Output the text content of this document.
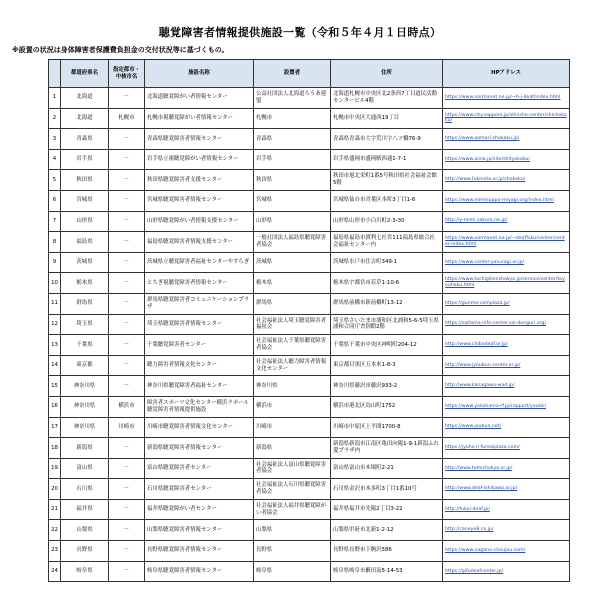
聴覚障害者情報提供施設一覧（令和５年４月１日時点）
※設置の状況は身体障害者保護費負担金の交付状況等に基づくもの。
	都道府県名	指定都市・中核市名	施設名称	設置者	住所	HPアドレス
1	北海道	－	北海道聴覚障がい者情報センター	公益社団法人北海道ろうあ連盟	北海道札幌市中央区北2条西7丁目道民活動センタービル4階	https://www.normanet.ne.jp/~h-j-deaf/index.html
2	北海道	札幌市	札幌市視聴覚障がい者情報センター	札幌市	札幌市中央区大通西19丁目	https://www.city.sapporo.jp/shinsho-center/shichokaku/
3	青森県	－	青森県聴覚障害者情報センター	青森県	青森県青森市大字荒川字八ツ橋76-9	https://www.aomori-chokaku.jp/
4	岩手県	－	岩手県立視聴覚障がい者情報センター	岩手県	岩手県盛岡市盛岡駅西通1-7-1	https://www.aiina.jp/site/shityokaku/
5	秋田県	－	秋田県聴覚障害者支援センター	秋田県	秋田市旭北栄町1番5号秋田県社会福祉会館5階	http://www.fukinoto.or.jp/chokaku/
6	宮城県	－	宮城県聴覚障害者情報センター	宮城県	宮城県仙台市青葉区本町3丁目1-6	https://www.mimisuppo-miyagi.org/index.html
7	山形県	－	山形県聴覚障がい者情報支援センター	山形県	山形県山形市小白川町2-3-30	http://y-mimi.sakura.ne.jp/
8	福島県	－	福島県聴覚障害者情報支援センター	一般社団法人福島県聴覚障害者協会	福島県福島市渡利七社宮111福島県総合社会福祉センター内	https://www.normanet.ne.jp/~deaf%ku/center/center-index.html
9	茨城県	－	茨城県立聴覚障害者福祉センターやすらぎ	茨城県	茨城県水戸市住吉町349-1	https://www.center-yasuragi.or.jp/
10	栃木県	－	とちぎ視聴覚障害者情報センター	栃木県	栃木県宇都宮市若草1-10-6	https://www.tochigikenshakyo.jp/service/center/toyouhaku.html
11	群馬県	－	群馬県聴覚障害者コミュニケーションプラザ	群馬県	群馬県前橋市新前橋町13-12	https://gunma-complaza.jp/
12	埼玉県	－	埼玉県聴覚障害者情報センター	社会福祉法人埼玉聴覚障害者福祉会	埼玉県さいたま市浦和区北浦和5-6-5埼玉県浦和合同庁舎別館2階	https://saitama-info-center.sai-donguri.org/
13	千葉県	－	千葉聴覚障害者センター	社会福祉法人千葉県聴覚障害者協会	千葉県千葉市中央区神明町204-12	http://www.chibadeaf.or.jp/
14	東京都	－	聴力障害者情報文化センター	社会福祉法人聴力障害者情報文化センター	東京都目黒区五本木1-8-3	http://www.jyoubun-center.or.jp/
15	神奈川県	－	神奈川県聴覚障害者福祉センター	神奈川県	神奈川県藤沢市藤沢933-2	http://www.kanagawa-wad.jp/
16	神奈川県	横浜市	障害者スポーツ文化センター横浜ラポール聴覚障害者情報提供施設	横浜市	横浜市港北区鳥山町1752	https://www.yokohama-rf.jp/rapport/youtei/
17	神奈川県	川崎市	川崎市聴覚障害者情報文化センター	川崎市	川崎市中原区上平間1700-8	https://www.joubun.net/
18	新潟県	－	新潟県聴覚障害者情報センター	新潟県	新潟県新潟市江南区亀田向陽1-9-1新潟ふれ愛プラザ内	https://jyoho.n-fureaiplaza.com/
19	富山県	－	富山県聴覚障害者センター	社会福祉法人富山県聴覚障害者協会	富山県富山市木場町2-21	http://www.tomichokyo.or.jp/
20	石川県	－	石川県聴覚障害者センター	社会福祉法人石川県聴覚障害者協会	石川県金沢市本多町3丁目1番10号	http://www.deaf-ishikawa.or.jp/
21	福井県	－	福井県聴覚障がい者センター	社会福祉法人福井県聴覚障がい者協会	福井県福井市光陽2丁目3-22	http://fukui-deaf.jp/
22	山梨県	－	山梨県聴覚障害者情報センター	山梨県	山梨県甲府市北新1-2-12	http://caneye8.co.jp/
23	長野県	－	長野県聴覚障害者情報センター	長野県	長野県長野市下駒沢586	https://www.nagano-choujou.com/
24	岐阜県	－	岐阜県聴覚障害者情報センター	岐阜県	岐阜県岐阜市藪田南5-14-53	https://gifudeafcenter.jp/
